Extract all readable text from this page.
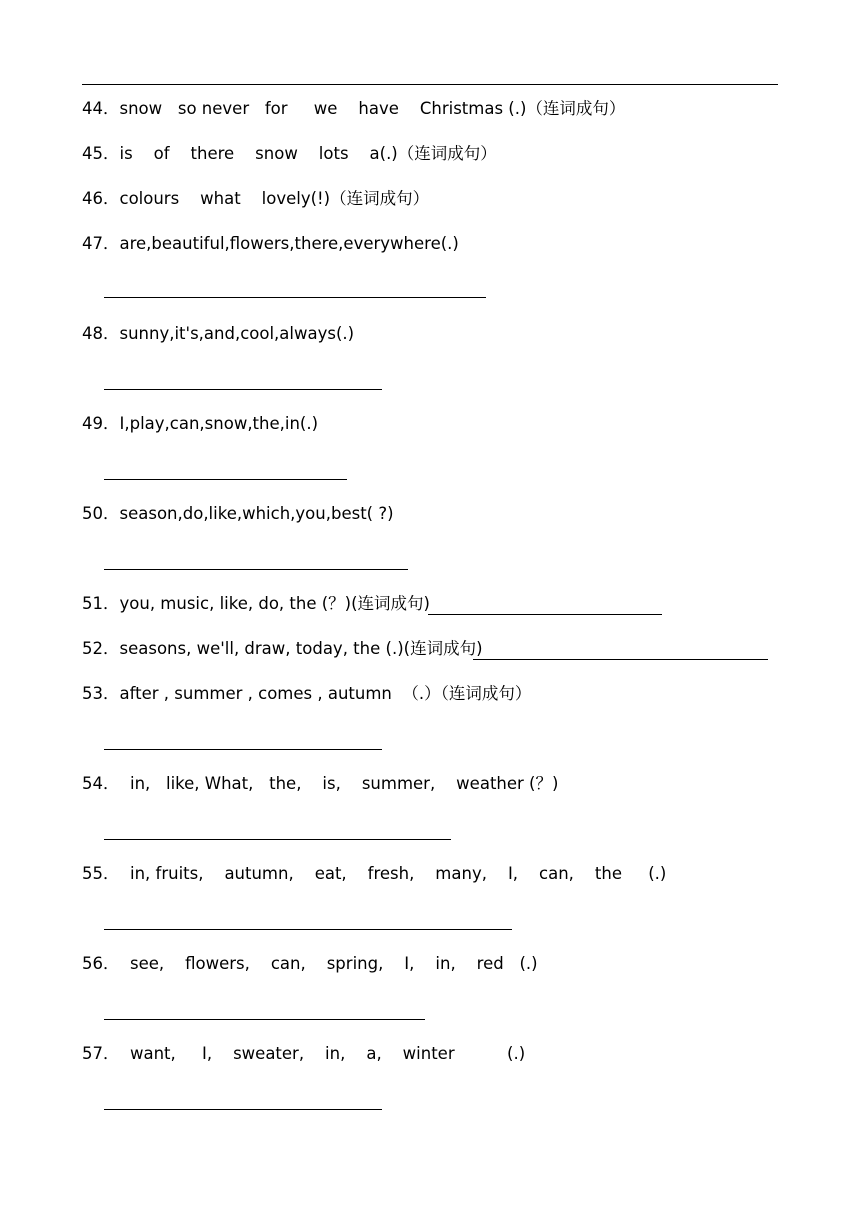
44．snow   so never   for     we    have    Christmas (.)（连词成句）
45．is    of    there    snow    lots    a(.)（连词成句）
46．colours    what    lovely(!)（连词成句）
47．are,beautiful,flowers,there,everywhere(.)
48．sunny,it's,and,cool,always(.)
49．I,play,can,snow,the,in(.)
50．season,do,like,which,you,best( ?)
51．you, music, like, do, the (？)(连词成句)
52．seasons, we'll, draw, today, the (.)(连词成句)
53．after , summer , comes , autumn  （.）（连词成句）
54．  in,   like, What,   the,    is,    summer,    weather (？)
55．  in, fruits,    autumn,    eat,    fresh,    many,    I,    can,    the     (.)
56．  see,    flowers,    can,    spring,    I,    in,    red   (.)
57．  want,     I,    sweater,    in,    a,    winter          (.)
